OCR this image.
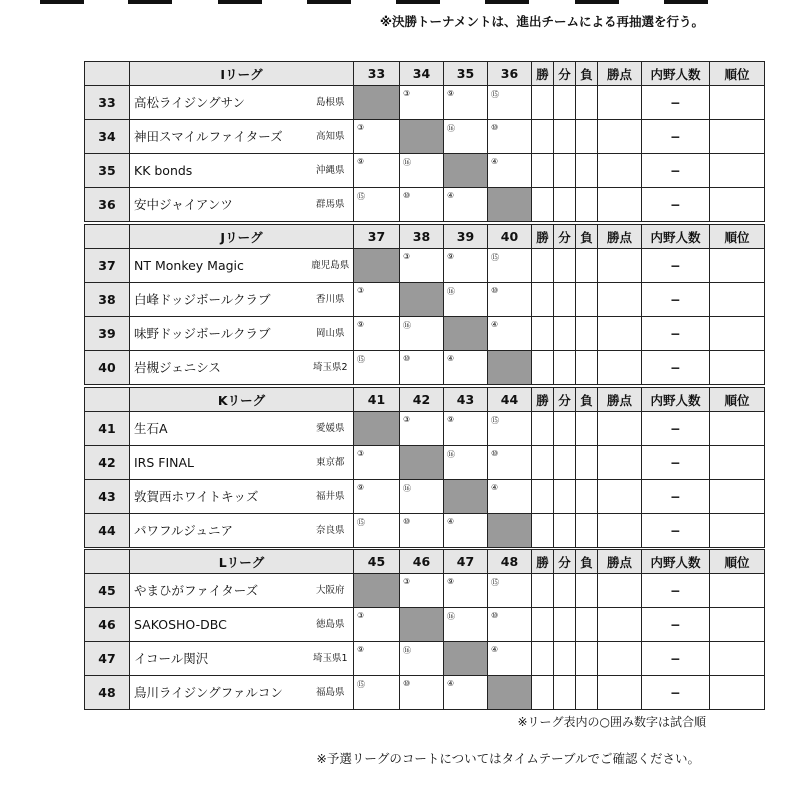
※決勝トーナメントは、進出チームによる再抽選を行う。
	Iリーグ		33	34	35	36	勝	分	負	勝点	内野人数	順位
33	高松ライジングサン	島根県		③	⑨	⑮					−	
34	神田スマイルファイターズ	高知県	③		⑯	⑩					−	
35	KK bonds	沖縄県	⑨	⑯		④					−	
36	安中ジャイアンツ	群馬県	⑮	⑩	④						−	
	Jリーグ		37	38	39	40	勝	分	負	勝点	内野人数	順位
37	NT Monkey Magic	鹿児島県		③	⑨	⑮					−	
38	白峰ドッジボールクラブ	香川県	③		⑯	⑩					−	
39	味野ドッジボールクラブ	岡山県	⑨	⑯		④					−	
40	岩槻ジェニシス	埼玉県2	⑮	⑩	④						−	
	Kリーグ		41	42	43	44	勝	分	負	勝点	内野人数	順位
41	生石A	愛媛県		③	⑨	⑮					−	
42	IRS FINAL	東京都	③		⑯	⑩					−	
43	敦賀西ホワイトキッズ	福井県	⑨	⑯		④					−	
44	パワフルジュニア	奈良県	⑮	⑩	④						−	
	Lリーグ		45	46	47	48	勝	分	負	勝点	内野人数	順位
45	やまひがファイターズ	大阪府		③	⑨	⑮					−	
46	SAKOSHO-DBC	徳島県	③		⑯	⑩					−	
47	イコール関沢	埼玉県1	⑨	⑯		④					−	
48	鳥川ライジングファルコン	福島県	⑮	⑩	④						−	
※リーグ表内の○囲み数字は試合順
※予選リーグのコートについてはタイムテーブルでご確認ください。
